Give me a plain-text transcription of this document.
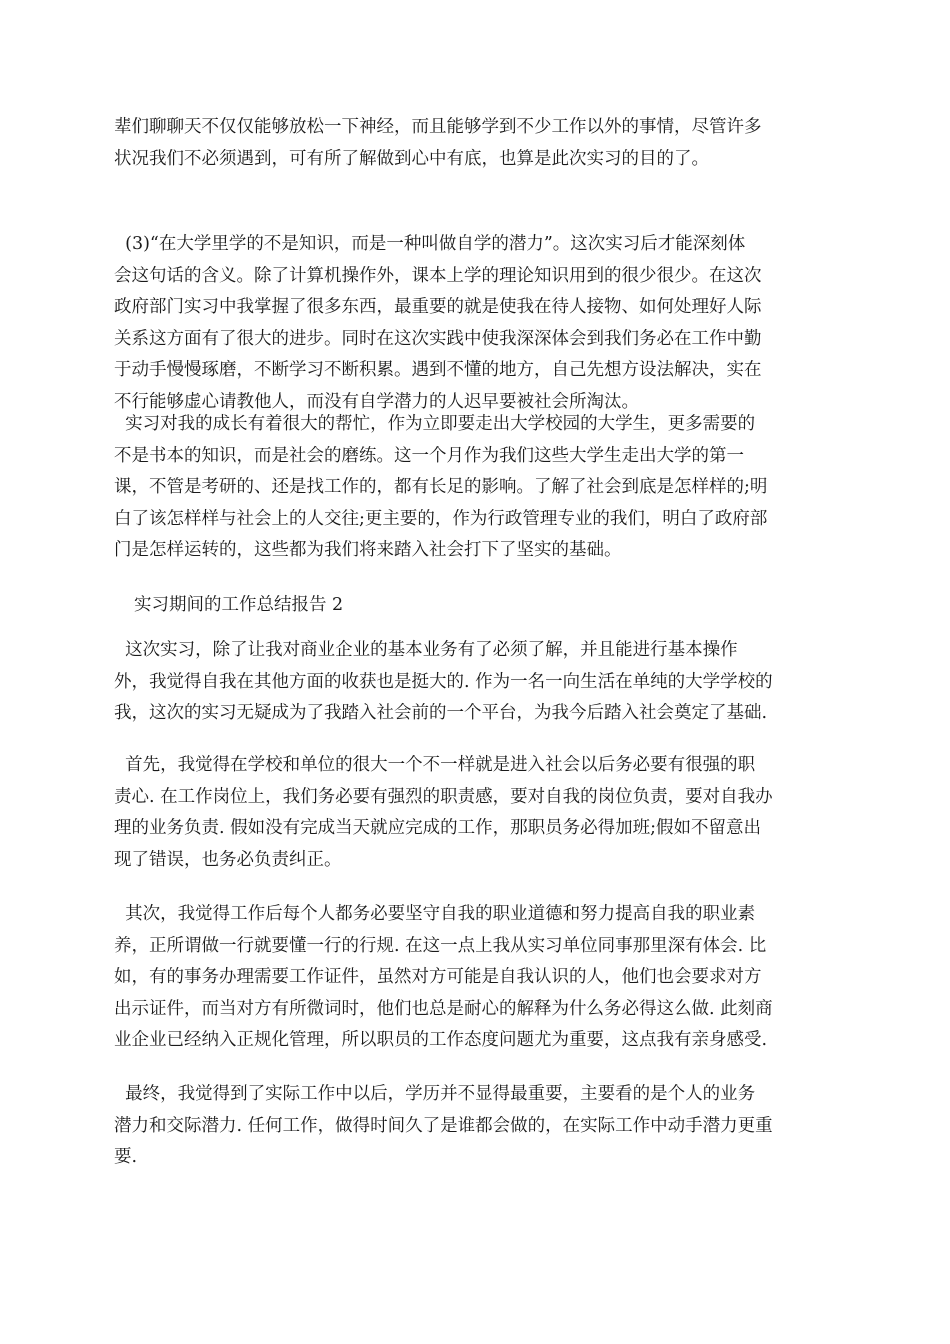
辈们聊聊天不仅仅能够放松一下神经，而且能够学到不少工作以外的事情，尽管许多
状况我们不必须遇到，可有所了解做到心中有底，也算是此次实习的目的了。
(3)“在大学里学的不是知识，而是一种叫做自学的潜力”。这次实习后才能深刻体
会这句话的含义。除了计算机操作外，课本上学的理论知识用到的很少很少。在这次
政府部门实习中我掌握了很多东西，最重要的就是使我在待人接物、如何处理好人际
关系这方面有了很大的进步。同时在这次实践中使我深深体会到我们务必在工作中勤
于动手慢慢琢磨，不断学习不断积累。遇到不懂的地方，自己先想方设法解决，实在
不行能够虚心请教他人，而没有自学潜力的人迟早要被社会所淘汰。
实习对我的成长有着很大的帮忙，作为立即要走出大学校园的大学生，更多需要的
不是书本的知识，而是社会的磨练。这一个月作为我们这些大学生走出大学的第一
课，不管是考研的、还是找工作的，都有长足的影响。了解了社会到底是怎样样的;明
白了该怎样样与社会上的人交往;更主要的，作为行政管理专业的我们，明白了政府部
门是怎样运转的，这些都为我们将来踏入社会打下了坚实的基础。
实习期间的工作总结报告 2
这次实习，除了让我对商业企业的基本业务有了必须了解，并且能进行基本操作
外，我觉得自我在其他方面的收获也是挺大的. 作为一名一向生活在单纯的大学学校的
我，这次的实习无疑成为了我踏入社会前的一个平台，为我今后踏入社会奠定了基础.
首先，我觉得在学校和单位的很大一个不一样就是进入社会以后务必要有很强的职
责心. 在工作岗位上，我们务必要有强烈的职责感，要对自我的岗位负责，要对自我办
理的业务负责. 假如没有完成当天就应完成的工作，那职员务必得加班;假如不留意出
现了错误，也务必负责纠正。
其次，我觉得工作后每个人都务必要坚守自我的职业道德和努力提高自我的职业素
养，正所谓做一行就要懂一行的行规. 在这一点上我从实习单位同事那里深有体会. 比
如，有的事务办理需要工作证件，虽然对方可能是自我认识的人，他们也会要求对方
出示证件，而当对方有所微词时，他们也总是耐心的解释为什么务必得这么做. 此刻商
业企业已经纳入正规化管理，所以职员的工作态度问题尤为重要，这点我有亲身感受.
最终，我觉得到了实际工作中以后，学历并不显得最重要，主要看的是个人的业务
潜力和交际潜力. 任何工作，做得时间久了是谁都会做的，在实际工作中动手潜力更重
要.
